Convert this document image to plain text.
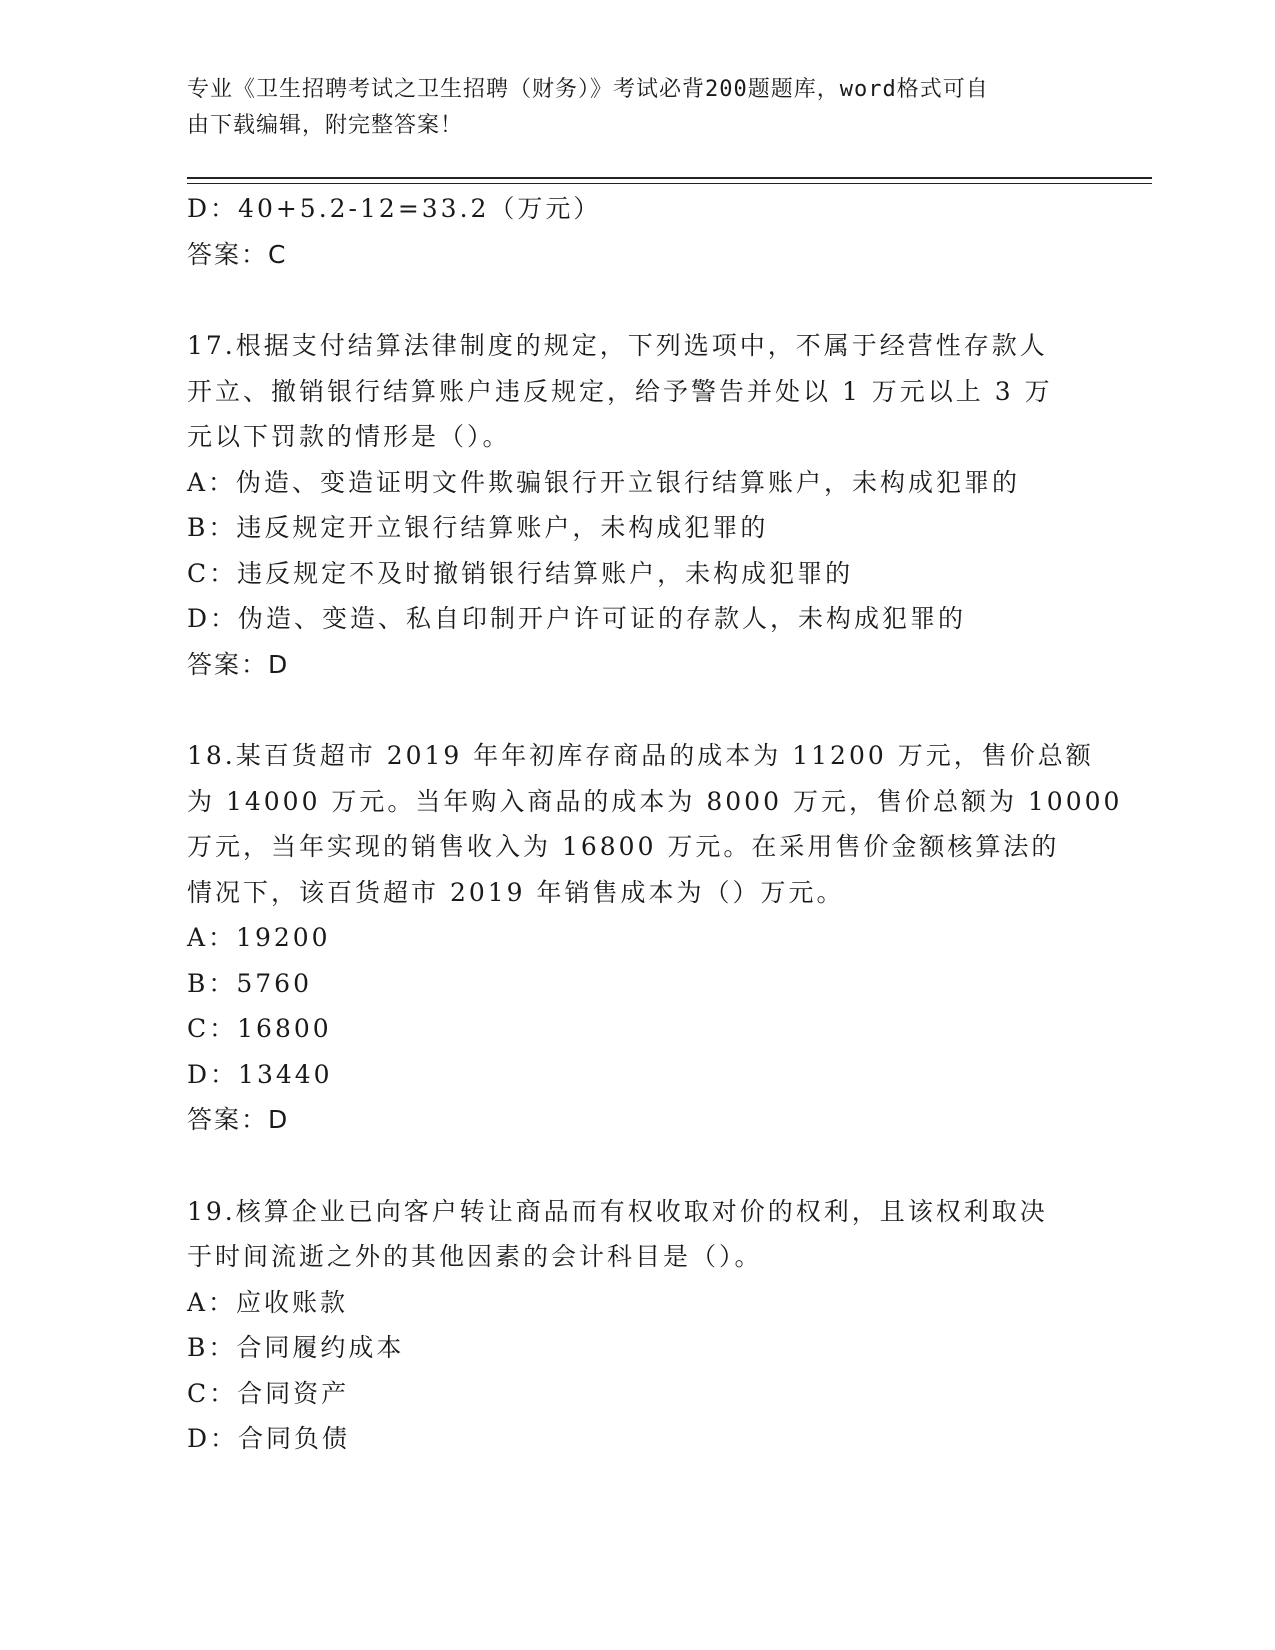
专业《卫生招聘考试之卫生招聘（财务）》考试必背200题题库，word格式可自
由下载编辑，附完整答案！
D：40+5.2-12=33.2（万元）
答案：C
17.根据支付结算法律制度的规定，下列选项中，不属于经营性存款人
开立、撤销银行结算账户违反规定，给予警告并处以 1 万元以上 3 万
元以下罚款的情形是（）。
A：伪造、变造证明文件欺骗银行开立银行结算账户，未构成犯罪的
B：违反规定开立银行结算账户，未构成犯罪的
C：违反规定不及时撤销银行结算账户，未构成犯罪的
D：伪造、变造、私自印制开户许可证的存款人，未构成犯罪的
答案：D
18.某百货超市 2019 年年初库存商品的成本为 11200 万元，售价总额
为 14000 万元。当年购入商品的成本为 8000 万元，售价总额为 10000
万元，当年实现的销售收入为 16800 万元。在采用售价金额核算法的
情况下，该百货超市 2019 年销售成本为（）万元。
A：19200
B：5760
C：16800
D：13440
答案：D
19.核算企业已向客户转让商品而有权收取对价的权利，且该权利取决
于时间流逝之外的其他因素的会计科目是（）。
A：应收账款
B：合同履约成本
C：合同资产
D：合同负债
